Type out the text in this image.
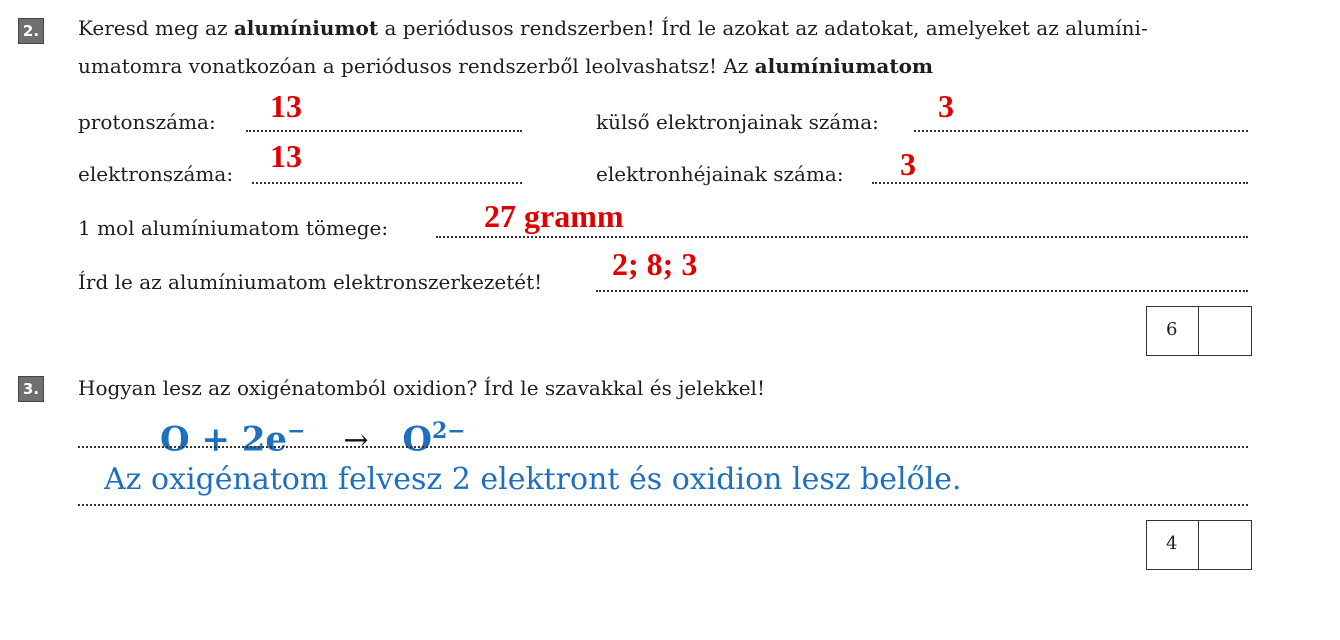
2. Keresd meg az alumíniumot a periódusos rendszerben! Írd le azokat az adatokat, amelyeket az alumíni-
umatomra vonatkozóan a periódusos rendszerből leolvashatsz! Az alumíniumatom
protonszáma: 13	külső elektronjainak száma: 3
elektronszáma: 13	elektronhéjainak száma: 3
1 mol alumíniumatom tömege:	27 gramm
Írd le az alumíniumatom elektronszerkezetét! 2; 8; 3
6
3. Hogyan lesz az oxigénatomból oxidion? Írd le szavakkal és jelekkel!
$O + 2e^- \to O^{2-}$
Az oxigénatom felvesz 2 elektront és oxidion lesz belőle.
4
